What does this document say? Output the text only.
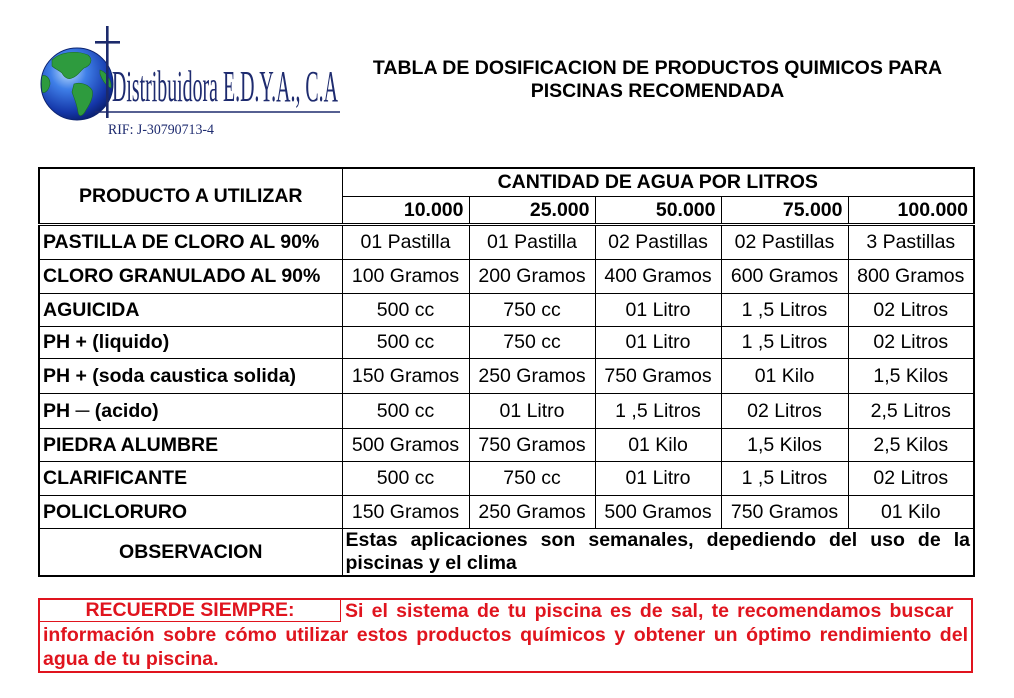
Distribuidora E.D.Y.A., C.A
RIF: J-30790713-4
TABLA DE DOSIFICACION DE PRODUCTOS QUIMICOS PARA
PISCINAS RECOMENDADA
PRODUCTO A UTILIZAR	CANTIDAD DE AGUA POR LITROS				
	10.000	25.000	50.000	75.000	100.000
PASTILLA DE CLORO AL 90%	01 Pastilla	01 Pastilla	02 Pastillas	02 Pastillas	3 Pastillas
CLORO GRANULADO AL 90%	100 Gramos	200 Gramos	400 Gramos	600 Gramos	800 Gramos
AGUICIDA	500 cc	750 cc	01 Litro	1 ,5 Litros	02 Litros
PH + (liquido)	500 cc	750 cc	01 Litro	1 ,5 Litros	02 Litros
PH + (soda caustica solida)	150 Gramos	250 Gramos	750 Gramos	01 Kilo	1,5 Kilos
PH ─ (acido)	500 cc	01 Litro	1 ,5 Litros	02 Litros	2,5 Litros
PIEDRA ALUMBRE	500 Gramos	750 Gramos	01 Kilo	1,5 Kilos	2,5 Kilos
CLARIFICANTE	500 cc	750 cc	01 Litro	1 ,5 Litros	02 Litros
POLICLORURO	150 Gramos	250 Gramos	500 Gramos	750 Gramos	01 Kilo
OBSERVACION	Estas aplicaciones son semanales, depediendo del uso de la piscinas y el clima				
RECUERDE SIEMPRE:	Si el sistema de tu piscina es de sal, te recomendamos buscar
información sobre cómo utilizar estos productos químicos y obtener un óptimo rendimiento del agua de tu piscina.
